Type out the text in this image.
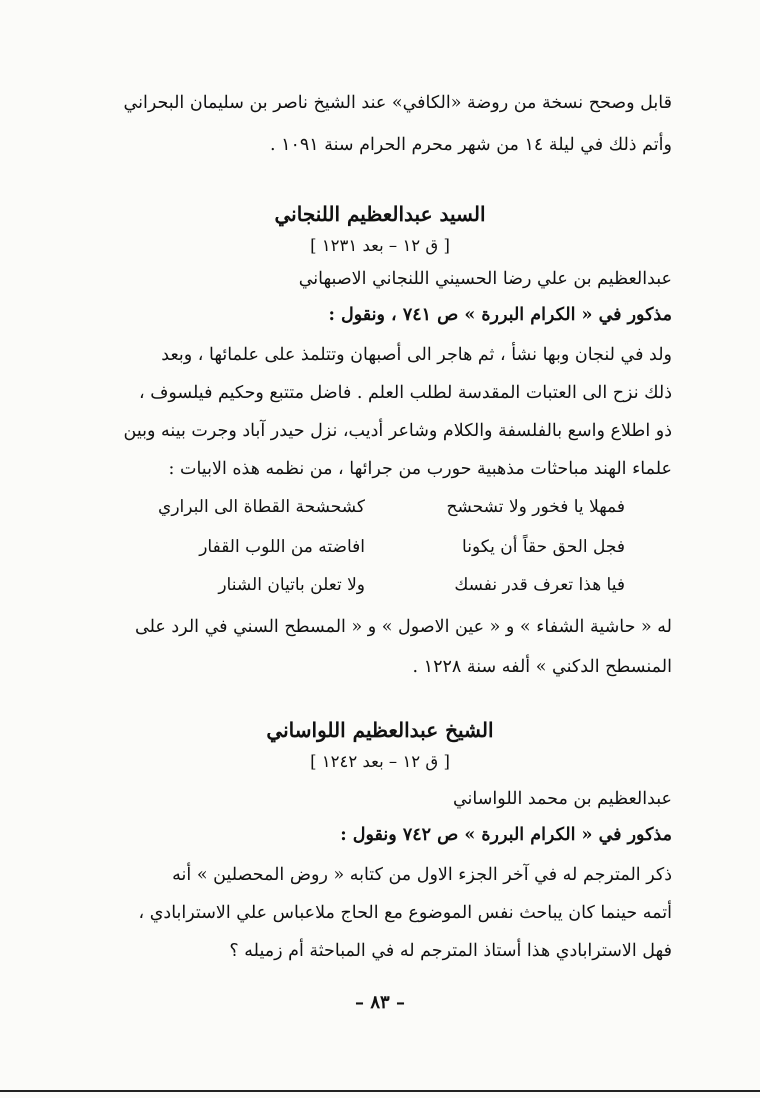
قابل وصحح نسخة من روضة «الكافي» عند الشيخ ناصر بن سليمان البحراني
وأتم ذلك في ليلة ١٤ من شهر محرم الحرام سنة ١٠٩١ .
السيد عبدالعظيم اللنجاني
[ ق ١٢ – بعد ١٢٣١ ]
عبدالعظيم بن علي رضا الحسيني اللنجاني الاصبهاني
مذكور في « الكرام البررة » ص ٧٤١ ، ونقول :
ولد في لنجان وبها نشأ ، ثم هاجر الى أصبهان وتتلمذ على علمائها ، وبعد
ذلك نزح الى العتبات المقدسة لطلب العلم . فاضل متتبع وحكيم فيلسوف ،
ذو اطلاع واسع بالفلسفة والكلام وشاعر أديب، نزل حيدر آباد وجرت بينه وبين
علماء الهند مباحثات مذهبية حورب من جرائها ، من نظمه هذه الابيات :
فمهلا يا فخور ولا تشحشح
كشحشحة القطاة الى البراري
فجل الحق حقاً أن يكونا
افاضته من اللوب القفار
فيا هذا تعرف قدر نفسك
ولا تعلن باتيان الشنار
له « حاشية الشفاء » و « عين الاصول » و « المسطح السني في الرد على
المنسطح الدكني » ألفه سنة ١٢٢٨ .
الشيخ عبدالعظيم اللواساني
[ ق ١٢ – بعد ١٢٤٢ ]
عبدالعظيم بن محمد اللواساني
مذكور في « الكرام البررة » ص ٧٤٢ ونقول :
ذكر المترجم له في آخر الجزء الاول من كتابه « روض المحصلين » أنه
أتمه حينما كان يباحث نفس الموضوع مع الحاج ملاعباس علي الاسترابادي ،
فهل الاسترابادي هذا أستاذ المترجم له في المباحثة أم زميله ؟
– ٨٣ –
